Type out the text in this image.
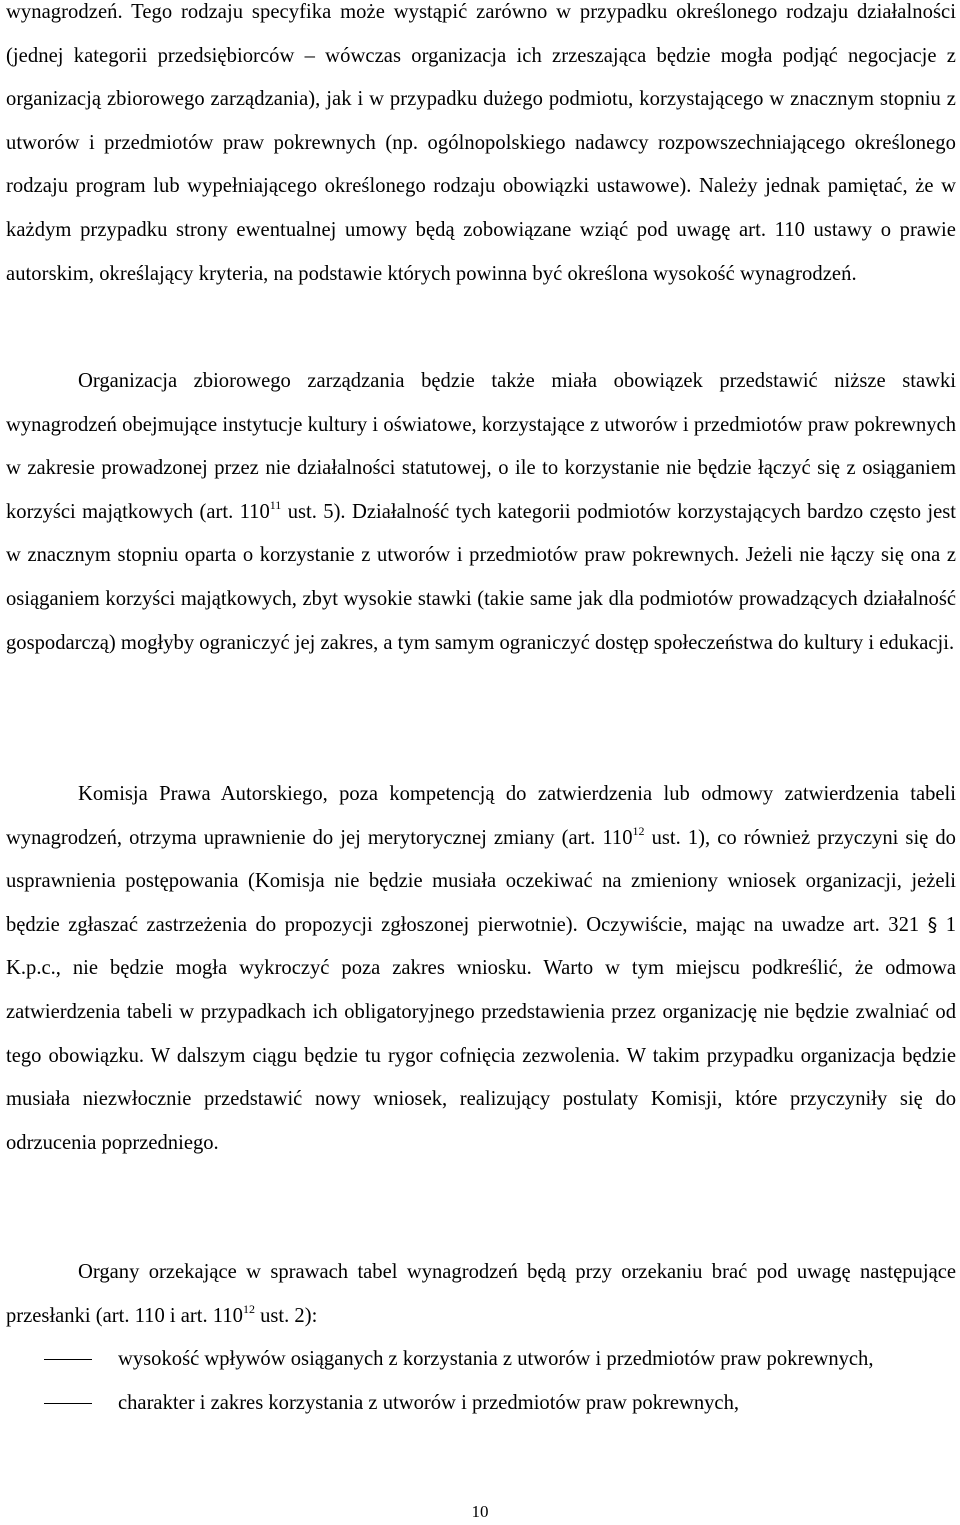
wynagrodzeń. Tego rodzaju specyfika może wystąpić zarówno w przypadku określonego rodzaju działalności (jednej kategorii przedsiębiorców – wówczas organizacja ich zrzeszająca będzie mogła podjąć negocjacje z organizacją zbiorowego zarządzania), jak i w przypadku dużego podmiotu, korzystającego w znacznym stopniu z utworów i przedmiotów praw pokrewnych (np. ogólnopolskiego nadawcy rozpowszechniającego określonego rodzaju program lub wypełniającego określonego rodzaju obowiązki ustawowe). Należy jednak pamiętać, że w każdym przypadku strony ewentualnej umowy będą zobowiązane wziąć pod uwagę art. 110 ustawy o prawie autorskim, określający kryteria, na podstawie których powinna być określona wysokość wynagrodzeń.

Organizacja zbiorowego zarządzania będzie także miała obowiązek przedstawić niższe stawki wynagrodzeń obejmujące instytucje kultury i oświatowe, korzystające z utworów i przedmiotów praw pokrewnych w zakresie prowadzonej przez nie działalności statutowej, o ile to korzystanie nie będzie łączyć się z osiąganiem korzyści majątkowych (art. $110^{11}$ ust. 5). Działalność tych kategorii podmiotów korzystających bardzo często jest w znacznym stopniu oparta o korzystanie z utworów i przedmiotów praw pokrewnych. Jeżeli nie łączy się ona z osiąganiem korzyści majątkowych, zbyt wysokie stawki (takie same jak dla podmiotów prowadzących działalność gospodarczą) mogłyby ograniczyć jej zakres, a tym samym ograniczyć dostęp społeczeństwa do kultury i edukacji.

Komisja Prawa Autorskiego, poza kompetencją do zatwierdzenia lub odmowy zatwierdzenia tabeli wynagrodzeń, otrzyma uprawnienie do jej merytorycznej zmiany (art. $110^{12}$ ust. 1), co również przyczyni się do usprawnienia postępowania (Komisja nie będzie musiała oczekiwać na zmieniony wniosek organizacji, jeżeli będzie zgłaszać zastrzeżenia do propozycji zgłoszonej pierwotnie). Oczywiście, mając na uwadze art. 321 § 1 K.p.c., nie będzie mogła wykroczyć poza zakres wniosku. Warto w tym miejscu podkreślić, że odmowa zatwierdzenia tabeli w przypadkach ich obligatoryjnego przedstawienia przez organizację nie będzie zwalniać od tego obowiązku. W dalszym ciągu będzie tu rygor cofnięcia zezwolenia. W takim przypadku organizacja będzie musiała niezwłocznie przedstawić nowy wniosek, realizujący postulaty Komisji, które przyczyniły się do odrzucenia poprzedniego.

Organy orzekające w sprawach tabel wynagrodzeń będą przy orzekaniu brać pod uwagę następujące przesłanki (art. 110 i art. $110^{12}$ ust. 2):

wysokość wpływów osiąganych z korzystania z utworów i przedmiotów praw pokrewnych,
charakter i zakres korzystania z utworów i przedmiotów praw pokrewnych,
10
